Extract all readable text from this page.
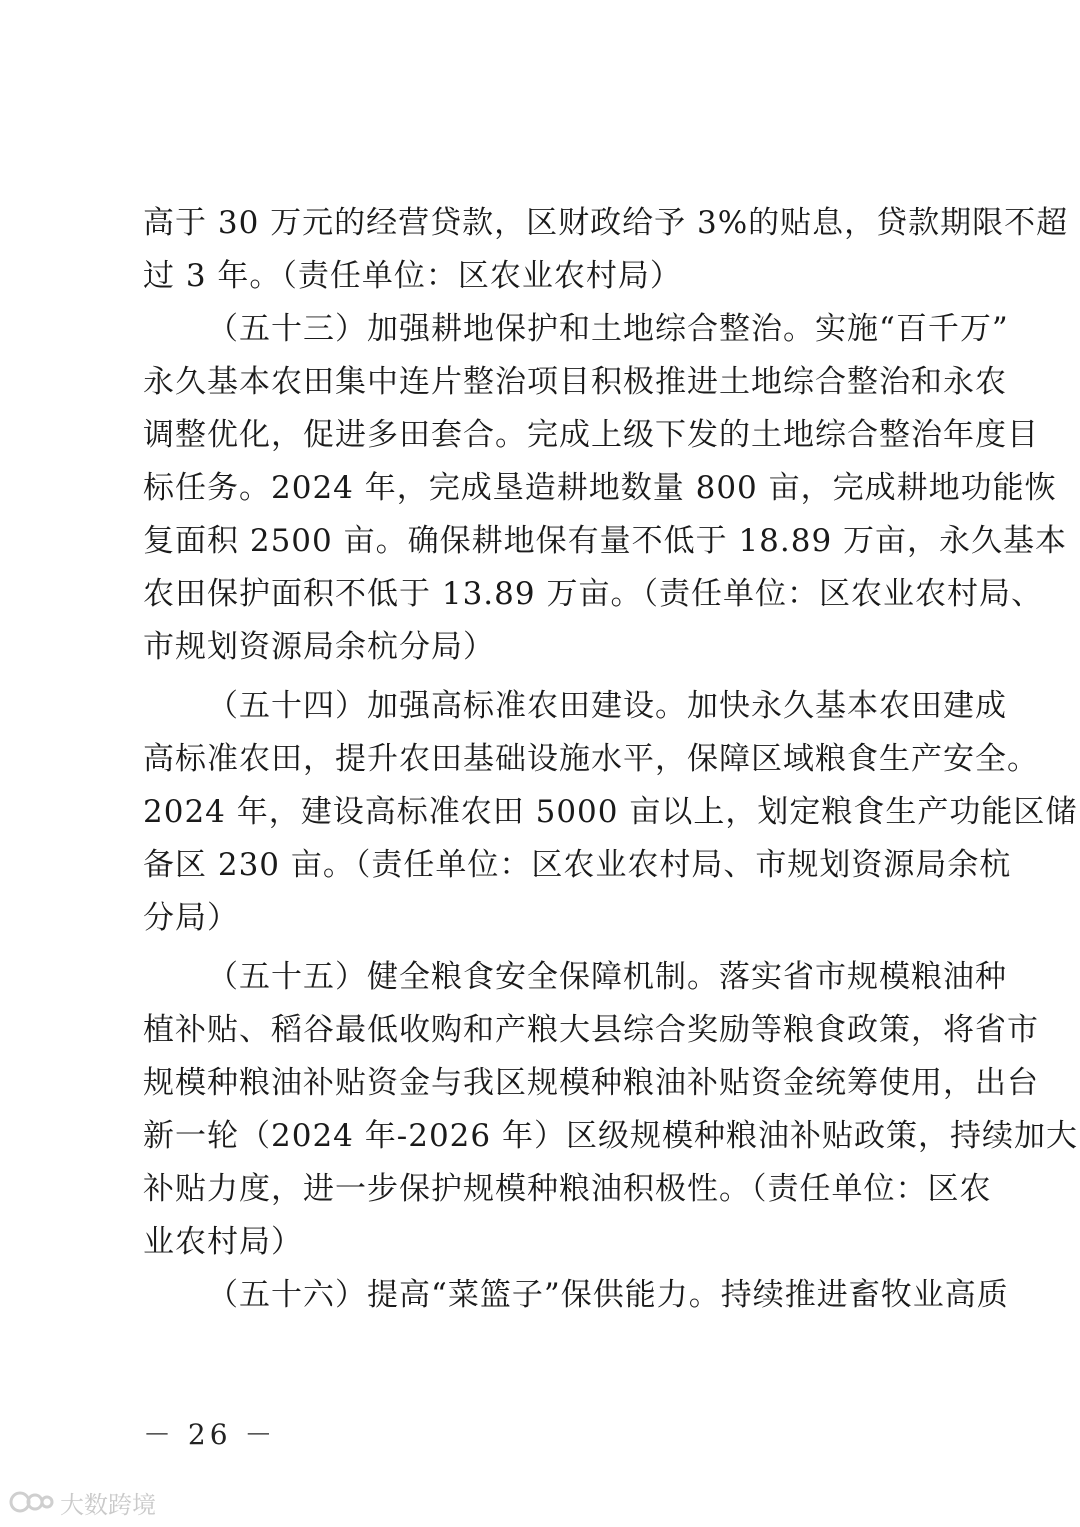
高于 30 万元的经营贷款，区财政给予 3%的贴息，贷款期限不超
过 3 年。（责任单位：区农业农村局）
（五十三）加强耕地保护和土地综合整治。实施“百千万”
永久基本农田集中连片整治项目积极推进土地综合整治和永农
调整优化，促进多田套合。完成上级下发的土地综合整治年度目
标任务。2024 年，完成垦造耕地数量 800 亩，完成耕地功能恢
复面积 2500 亩。确保耕地保有量不低于 18.89 万亩，永久基本
农田保护面积不低于 13.89 万亩。（责任单位：区农业农村局、
市规划资源局余杭分局）
（五十四）加强高标准农田建设。加快永久基本农田建成
高标准农田，提升农田基础设施水平，保障区域粮食生产安全。
2024 年，建设高标准农田 5000 亩以上，划定粮食生产功能区储
备区 230 亩。（责任单位：区农业农村局、市规划资源局余杭
分局）
（五十五）健全粮食安全保障机制。落实省市规模粮油种
植补贴、稻谷最低收购和产粮大县综合奖励等粮食政策，将省市
规模种粮油补贴资金与我区规模种粮油补贴资金统筹使用，出台
新一轮（2024 年-2026 年）区级规模种粮油补贴政策，持续加大
补贴力度，进一步保护规模种粮油积极性。（责任单位：区农
业农村局）
（五十六）提高“菜篮子”保供能力。持续推进畜牧业高质
－ 26 －
大数跨境
